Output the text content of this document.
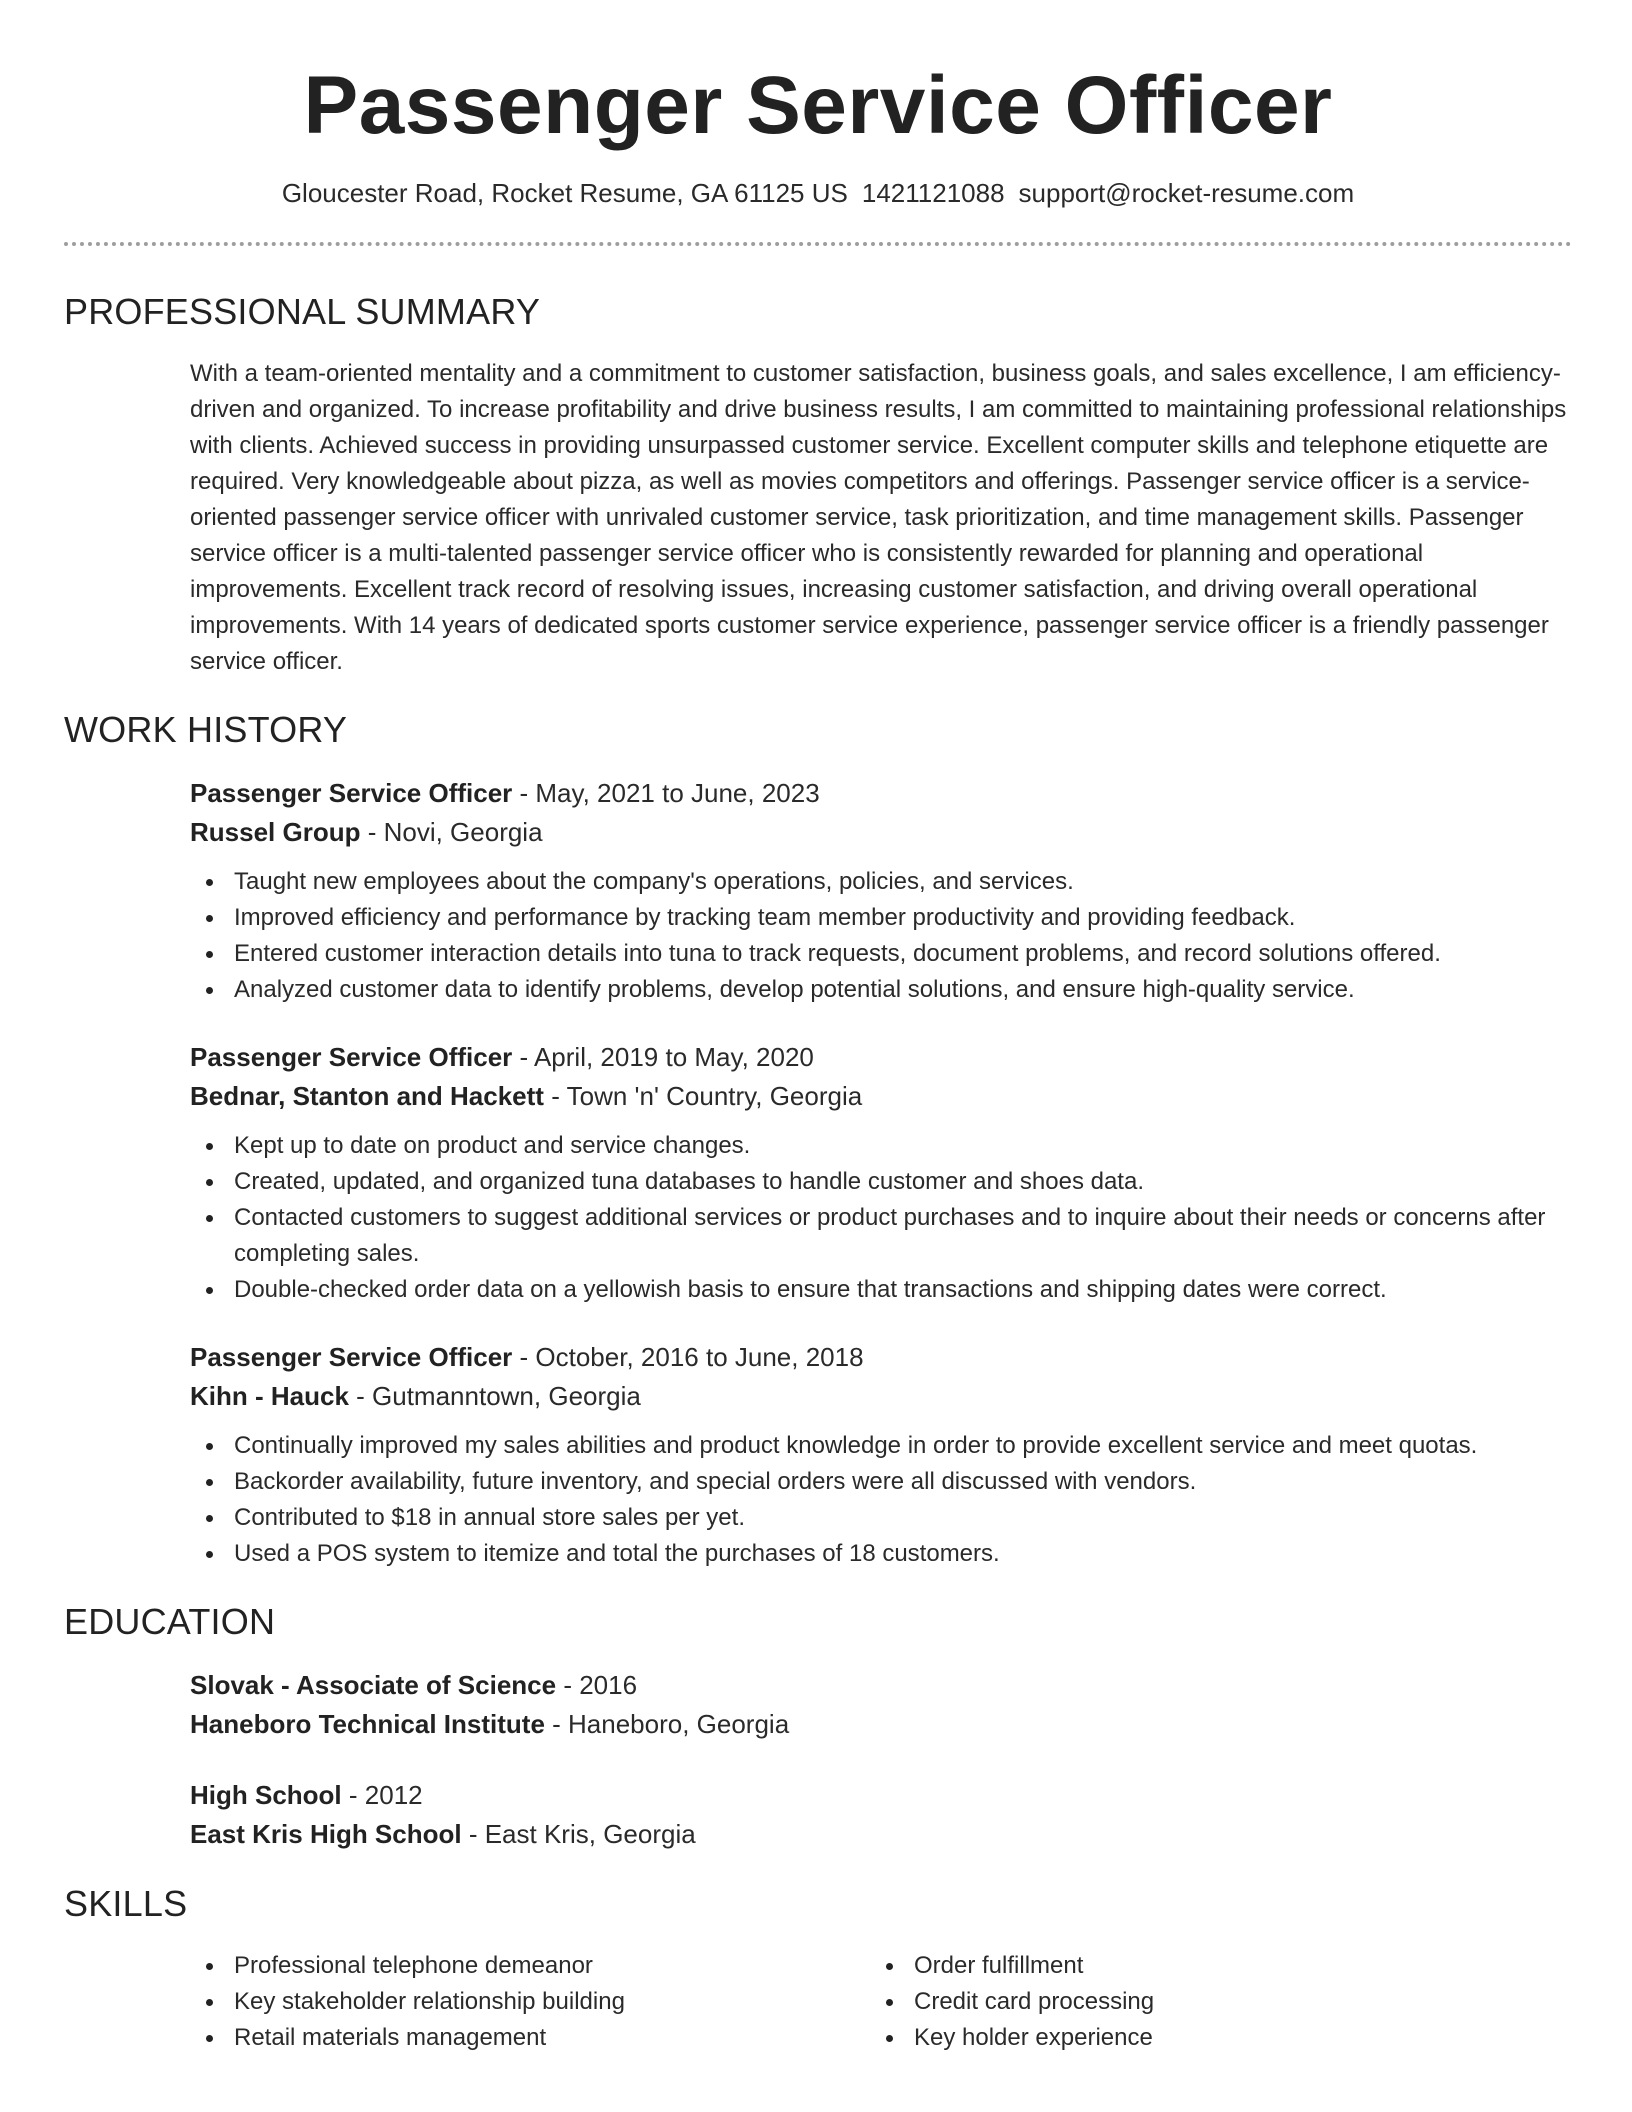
Passenger Service Officer
Gloucester Road, Rocket Resume, GA 61125 US 1421121088 support@rocket-resume.com
PROFESSIONAL SUMMARY

With a team-oriented mentality and a commitment to customer satisfaction, business goals, and sales excellence, I am efficiency-driven and organized. To increase profitability and drive business results, I am committed to maintaining professional relationships with clients. Achieved success in providing unsurpassed customer service. Excellent computer skills and telephone etiquette are required. Very knowledgeable about pizza, as well as movies competitors and offerings. Passenger service officer is a service-oriented passenger service officer with unrivaled customer service, task prioritization, and time management skills. Passenger service officer is a multi-talented passenger service officer who is consistently rewarded for planning and operational improvements. Excellent track record of resolving issues, increasing customer satisfaction, and driving overall operational improvements. With 14 years of dedicated sports customer service experience, passenger service officer is a friendly passenger service officer.

WORK HISTORY
Passenger Service Officer - May, 2021 to June, 2023
Russel Group - Novi, Georgia
Taught new employees about the company's operations, policies, and services.
Improved efficiency and performance by tracking team member productivity and providing feedback.
Entered customer interaction details into tuna to track requests, document problems, and record solutions offered.
Analyzed customer data to identify problems, develop potential solutions, and ensure high-quality service.
Passenger Service Officer - April, 2019 to May, 2020
Bednar, Stanton and Hackett - Town 'n' Country, Georgia
Kept up to date on product and service changes.
Created, updated, and organized tuna databases to handle customer and shoes data.
Contacted customers to suggest additional services or product purchases and to inquire about their needs or concerns after completing sales.
Double-checked order data on a yellowish basis to ensure that transactions and shipping dates were correct.
Passenger Service Officer - October, 2016 to June, 2018
Kihn - Hauck - Gutmanntown, Georgia
Continually improved my sales abilities and product knowledge in order to provide excellent service and meet quotas.
Backorder availability, future inventory, and special orders were all discussed with vendors.
Contributed to $18 in annual store sales per yet.
Used a POS system to itemize and total the purchases of 18 customers.
EDUCATION
Slovak - Associate of Science - 2016
Haneboro Technical Institute - Haneboro, Georgia
High School - 2012
East Kris High School - East Kris, Georgia
SKILLS
Professional telephone demeanor
Key stakeholder relationship building
Retail materials management
Order fulfillment
Credit card processing
Key holder experience
